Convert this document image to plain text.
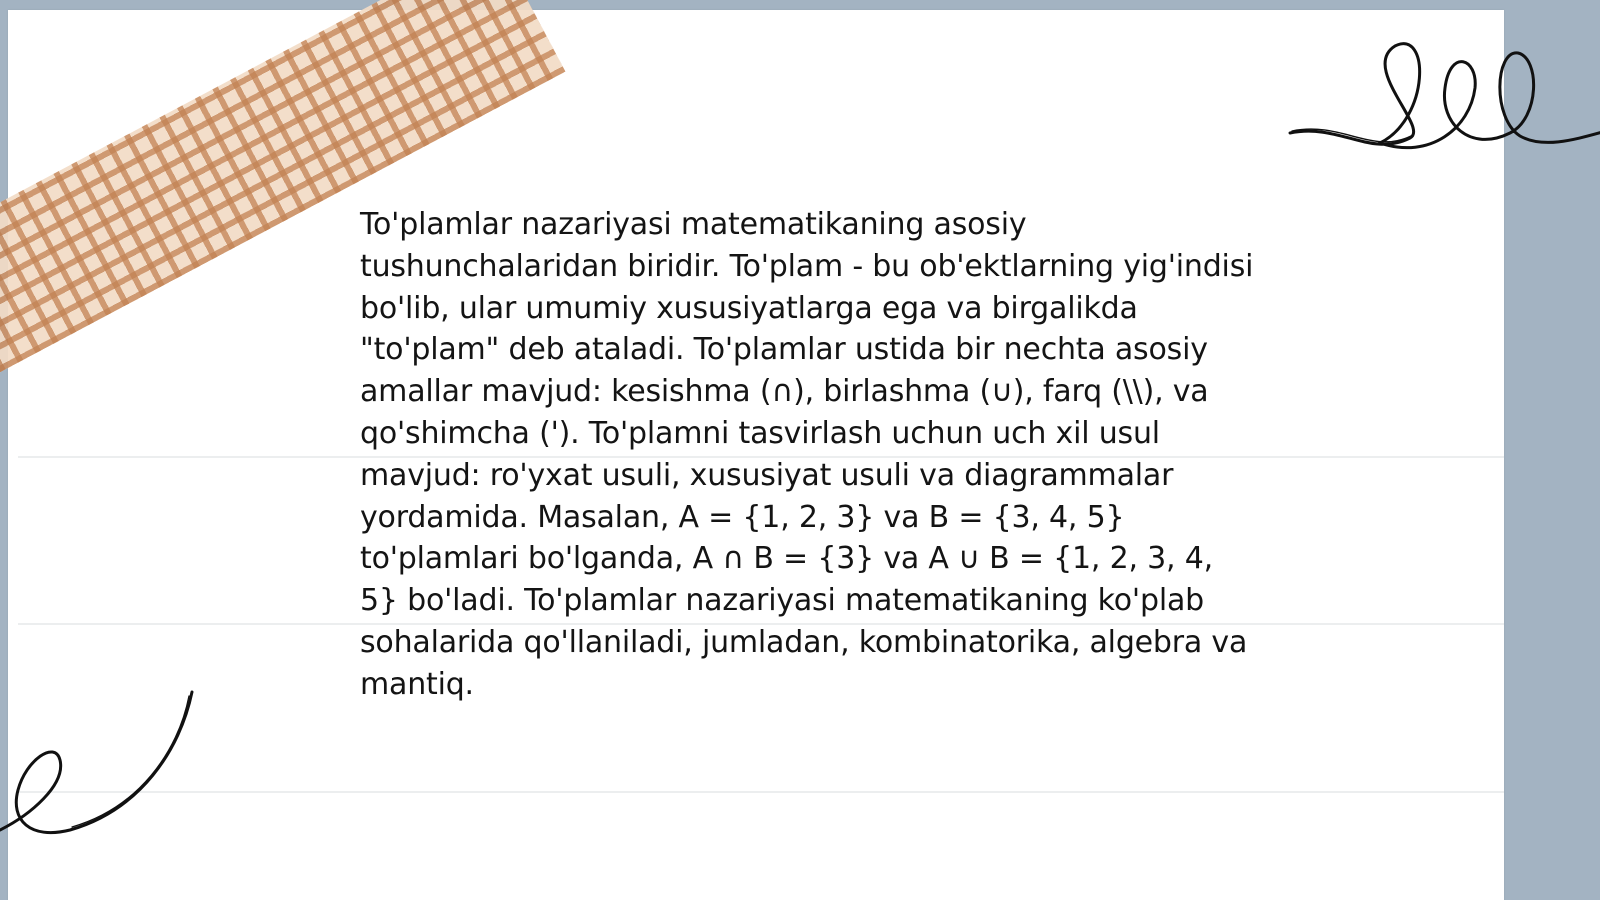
To'plamlar nazariyasi matematikaning asosiy tushunchalaridan biridir. To'plam - bu ob'ektlarning yig'indisi bo'lib, ular umumiy xususiyatlarga ega va birgalikda "to'plam" deb ataladi. To'plamlar ustida bir nechta asosiy amallar mavjud: kesishma (∩), birlashma (∪), farq (\\), va qo'shimcha ('). To'plamni tasvirlash uchun uch xil usul mavjud: ro'yxat usuli, xususiyat usuli va diagrammalar yordamida. Masalan, A = {1, 2, 3} va B = {3, 4, 5} to'plamlari bo'lganda, A ∩ B = {3} va A ∪ B = {1, 2, 3, 4, 5} bo'ladi. To'plamlar nazariyasi matematikaning ko'plab sohalarida qo'llaniladi, jumladan, kombinatorika, algebra va mantiq.
